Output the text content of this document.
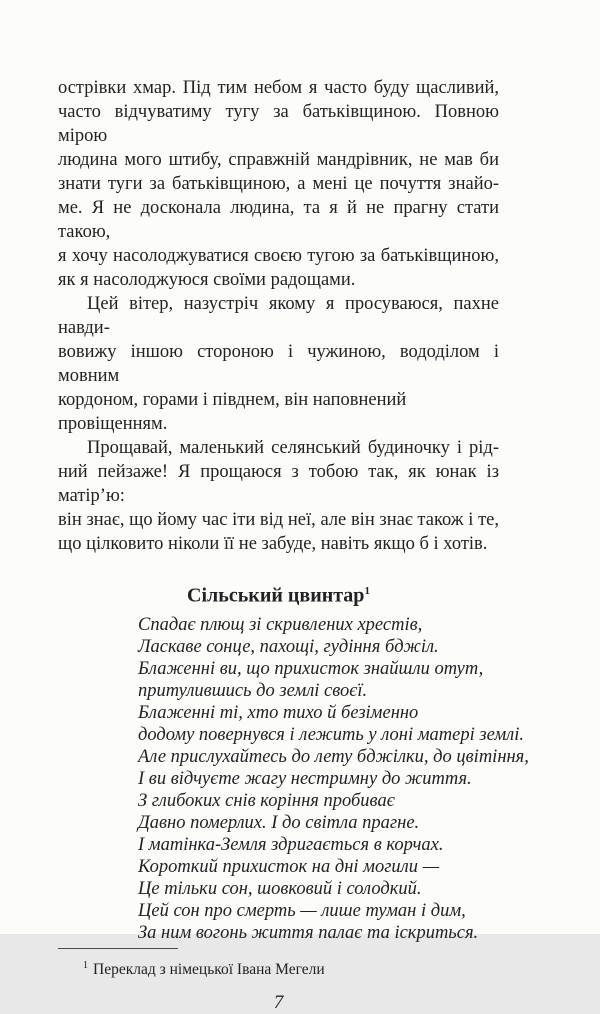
острівки хмар. Під тим небом я часто буду щасливий,
часто відчуватиму тугу за батьківщиною. Повною мірою
людина мого штибу, справжній мандрівник, не мав би
знати туги за батьківщиною, а мені це почуття знайо-
ме. Я не досконала людина, та я й не прагну стати такою,
я хочу насолоджуватися своєю тугою за батьківщиною,
як я насолоджуюся своїми радощами.
Цей вітер, назустріч якому я просуваюся, пахне навди-
вовижу іншою стороною і чужиною, вододілом і мовним
кордоном, горами і півднем, він наповнений провіщенням.
Прощавай, маленький селянський будиночку і рід-
ний пейзаже! Я прощаюся з тобою так, як юнак із матір’ю:
він знає, що йому час іти від неї, але він знає також і те,
що цілковито ніколи її не забуде, навіть якщо б і хотів.
Сільський цвинтар$^1$
Спадає плющ зі скривлених хрестів,
Ласкаве сонце, пахощі, гудіння бджіл.
Блаженні ви, що прихисток знайшли отут,
притулившись до землі своєї.
Блаженні ті, хто тихо й безіменно
додому повернувся і лежить у лоні матері землі.
Але прислухайтесь до лету бджілки, до цвітіння,
І ви відчуєте жагу нестримну до життя.
З глибоких снів коріння пробиває
Давно померлих. І до світла прагне.
І матінка-Земля здригається в корчах.
Короткий прихисток на дні могили —
Це тільки сон, шовковий і солодкий.
Цей сон про смерть — лише туман і дим,
За ним вогонь життя палає та іскриться.
$^1$ Переклад з німецької Івана Мегели
7
